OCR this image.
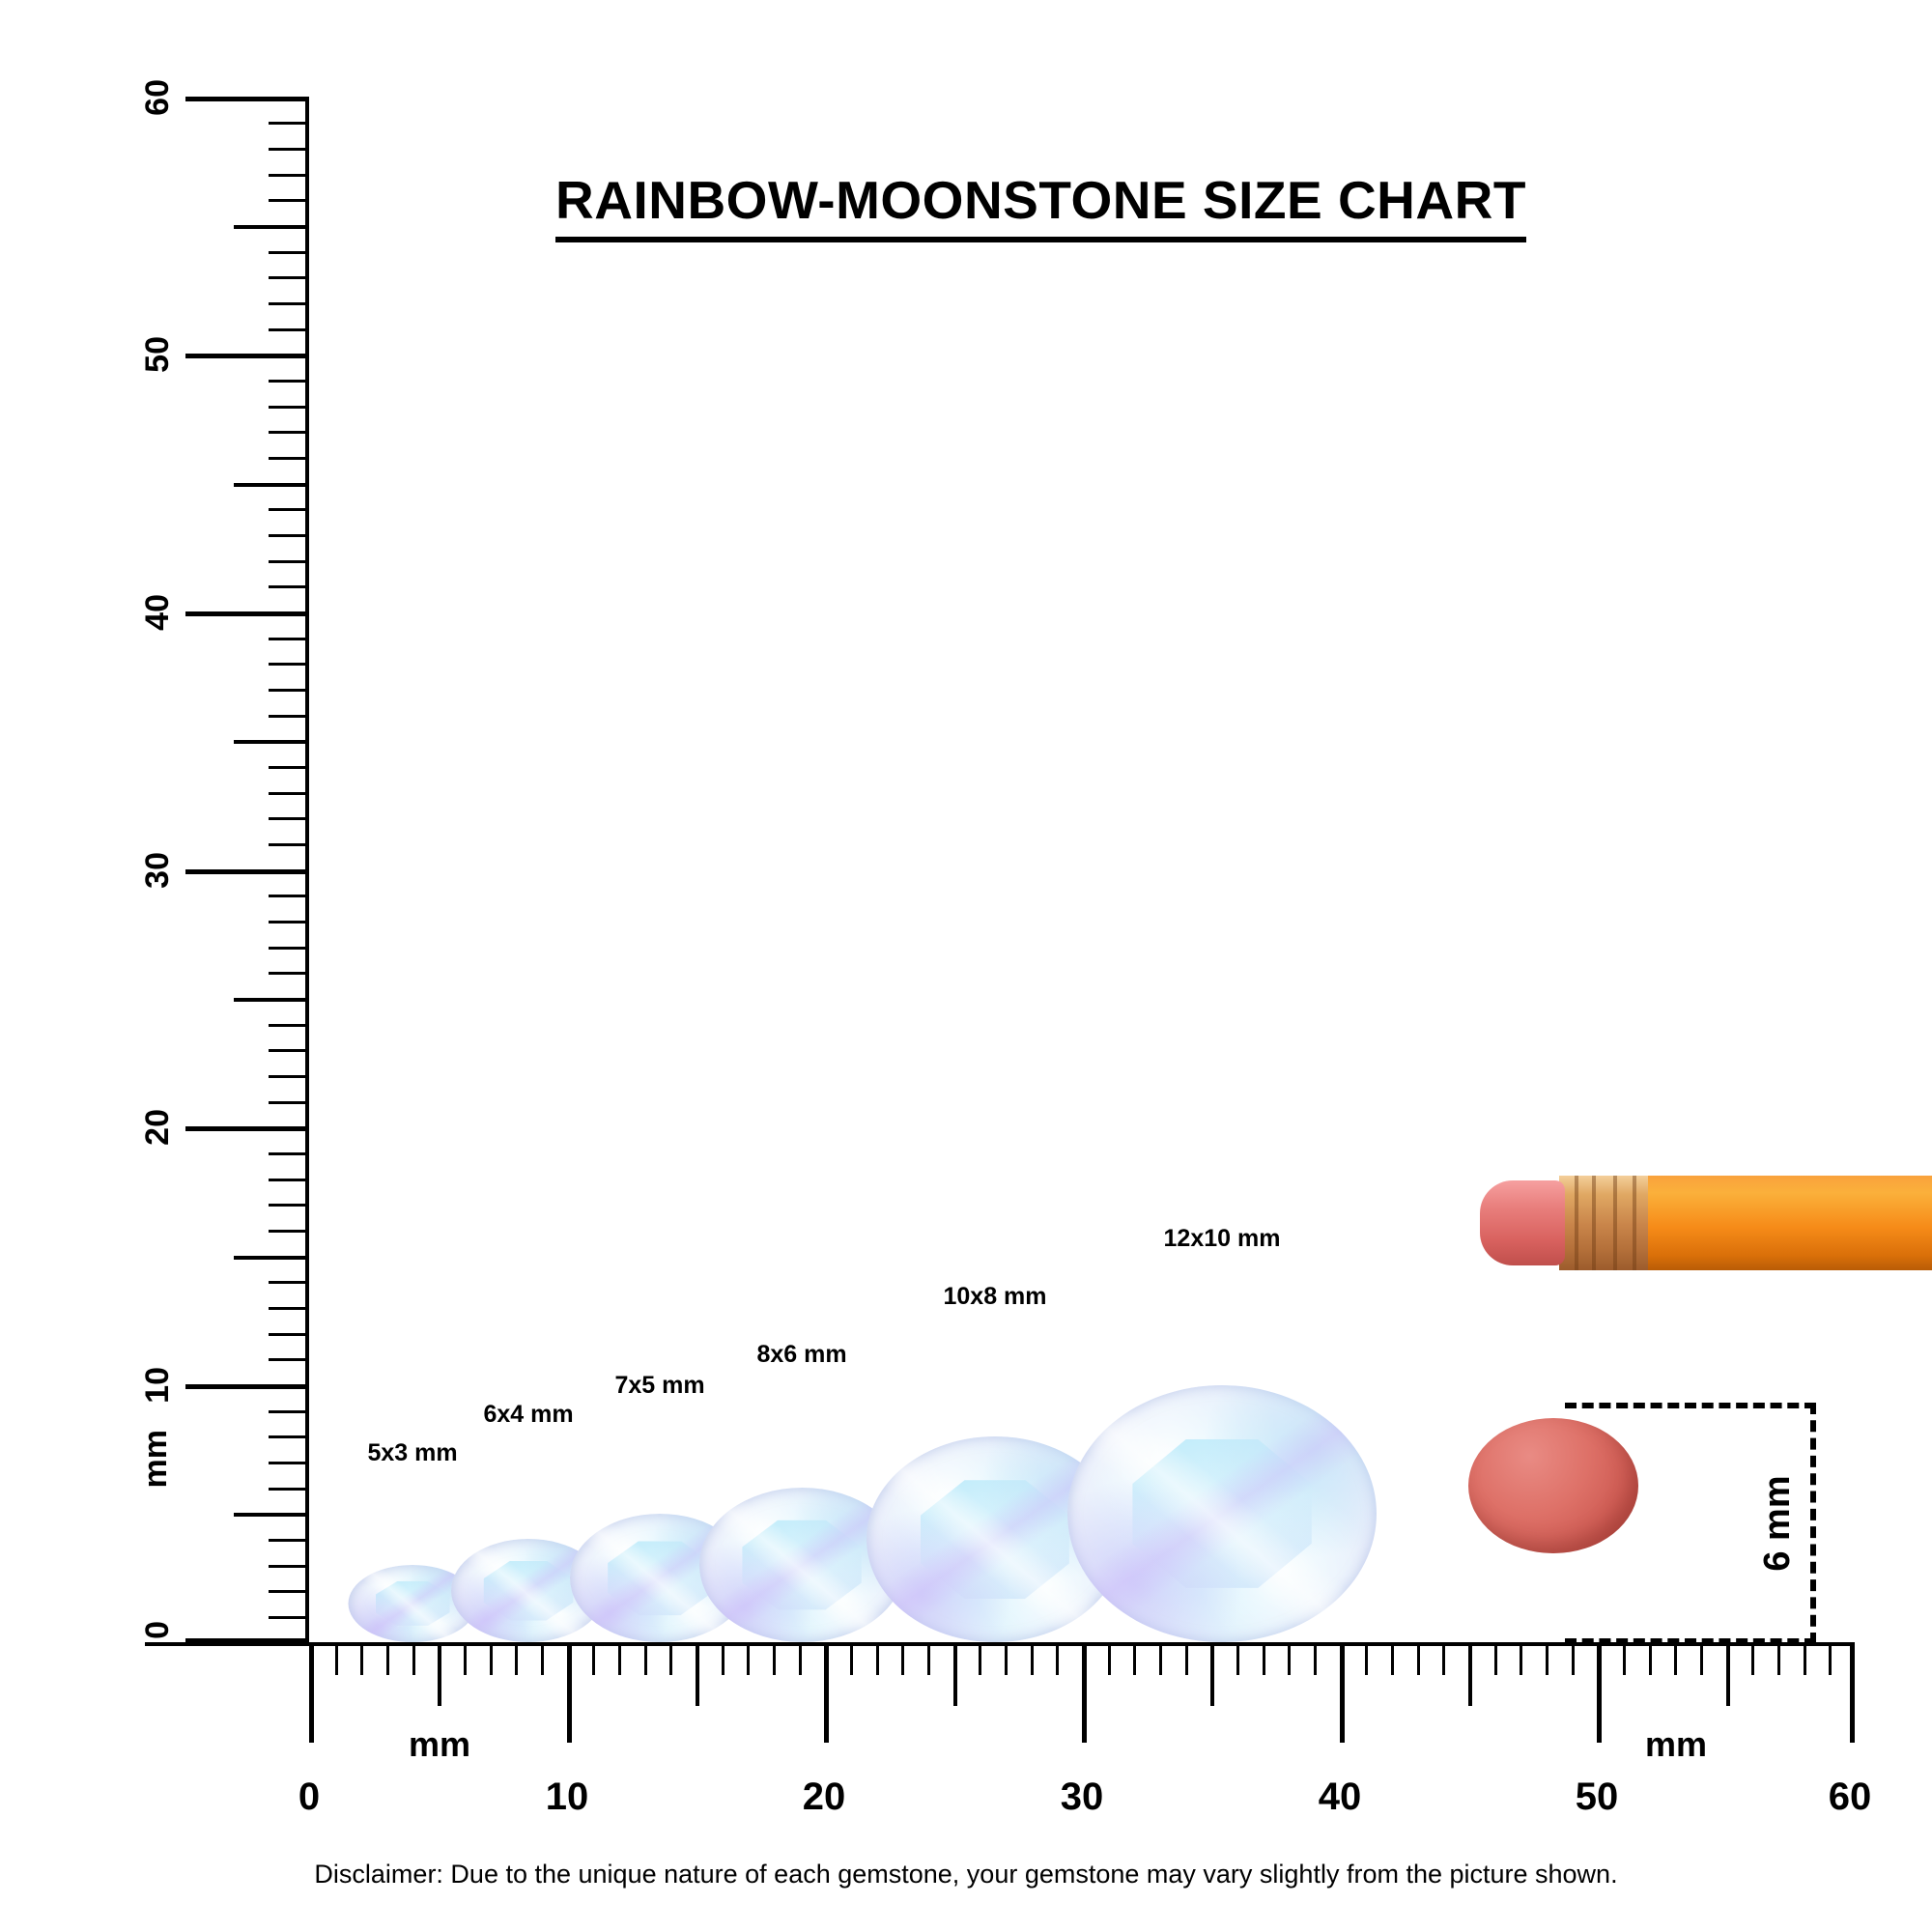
RAINBOW-MOONSTONE SIZE CHART
60
50
40
30
20
10
0
mm	5x3 mm
6x4 mm
7x5 mm
8x6 mm
10x8 mm
12x10 mm
6 mm
mm	mm
0	10	20	30	40	50	60
Disclaimer: Due to the unique nature of each gemstone, your gemstone may vary slightly from the picture shown.
